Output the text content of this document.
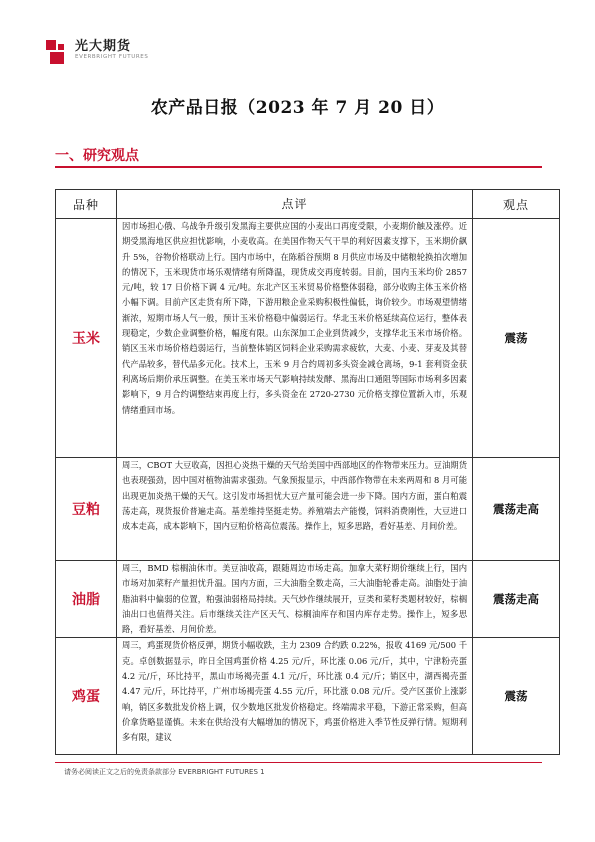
光大期货
EVERBRIGHT FUTURES
农产品日报（2023 年 7 月 20 日）
一、研究观点
品种	点评	观点
玉米	因市场担心俄、乌战争升级引发黑海主要供应国的小麦出口再度受限，小麦期价触及涨停。近期受黑海地区供应担忧影响，小麦收高。在美国作物天气干旱的利好因素支撑下，玉米期价飙升 5%，谷物价格联动上行。国内市场中，在陈稻谷预期 8 月供应市场及中储粮轮换拍次增加的情况下，玉米现货市场乐观情绪有所降温，现货成交再度转弱。目前，国内玉米均价 2857 元/吨，较 17 日价格下调 4 元/吨。东北产区玉米贸易价格整体弱稳，部分收购主体玉米价格小幅下调。目前产区走货有所下降，下游用粮企业采购积极性偏低，询价较少。市场观望情绪渐浓，短期市场人气一般，预计玉米价格稳中偏弱运行。华北玉米价格延续高位运行，整体表现稳定，少数企业调整价格，幅度有限。山东深加工企业到货减少，支撑华北玉米市场价格。销区玉米市场价格趋弱运行，当前整体销区饲料企业采购需求疲软，大麦、小麦、芽麦及其替代产品较多，替代品多元化。技术上，玉米 9 月合约周初多头资金减仓离场，9-1 套利资金获利离场后期价承压调整。在美玉米市场天气影响持续发酵、黑海出口通阻等国际市场利多因素影响下，9 月合约调整结束再度上行，多头资金在 2720-2730 元价格支撑位置新入市，乐观情绪重回市场。	震荡
豆粕	周三，CBOT 大豆收高，因担心炎热干燥的天气给美国中西部地区的作物带来压力。豆油期货也表现强劲，因中国对植物油需求强劲。气象预报显示，中西部作物带在未来两周和 8 月可能出现更加炎热干燥的天气。这引发市场担忧大豆产量可能会进一步下降。国内方面，蛋白粕震荡走高，现货报价普遍走高。基差维持坚挺走势。养殖端去产能慢，饲料消费刚性，大豆进口成本走高，成本影响下，国内豆粕价格高位震荡。操作上，短多思路，看好基差、月间价差。	震荡走高
油脂	周三，BMD 棕榈油休市。美豆油收高，跟随周边市场走高。加拿大菜籽期价继续上行，国内市场对加菜籽产量担忧升温。国内方面，三大油脂全数走高，三大油脂轮番走高。油脂处于油脂油料中偏弱的位置，粕强油弱格局持续。天气炒作继续展开，豆类和菜籽类题材较好，棕榈油出口也值得关注。后市继续关注产区天气、棕榈油库存和国内库存走势。操作上，短多思路，看好基差、月间价差。	震荡走高
鸡蛋	周三，鸡蛋现货价格反弹，期货小幅收跌，主力 2309 合约跌 0.22%，报收 4169 元/500 千克。卓创数据显示，昨日全国鸡蛋价格 4.25 元/斤，环比涨 0.06 元/斤，其中，宁津粉壳蛋 4.2 元/斤，环比持平，黑山市场褐壳蛋 4.1 元/斤，环比涨 0.4 元/斤；销区中，湖西褐壳蛋 4.47 元/斤，环比持平，广州市场褐壳蛋 4.55 元/斤，环比涨 0.08 元/斤。受产区蛋价上涨影响，销区多数批发价格上调，仅少数地区批发价格稳定。终端需求平稳，下游正常采购，但高价拿货略显谨慎。未来在供给没有大幅增加的情况下，鸡蛋价格进入季节性反弹行情。短期利多有限，建议	震荡
请务必阅读正文之后的免责条款部分 EVERBRIGHT FUTURES 1
